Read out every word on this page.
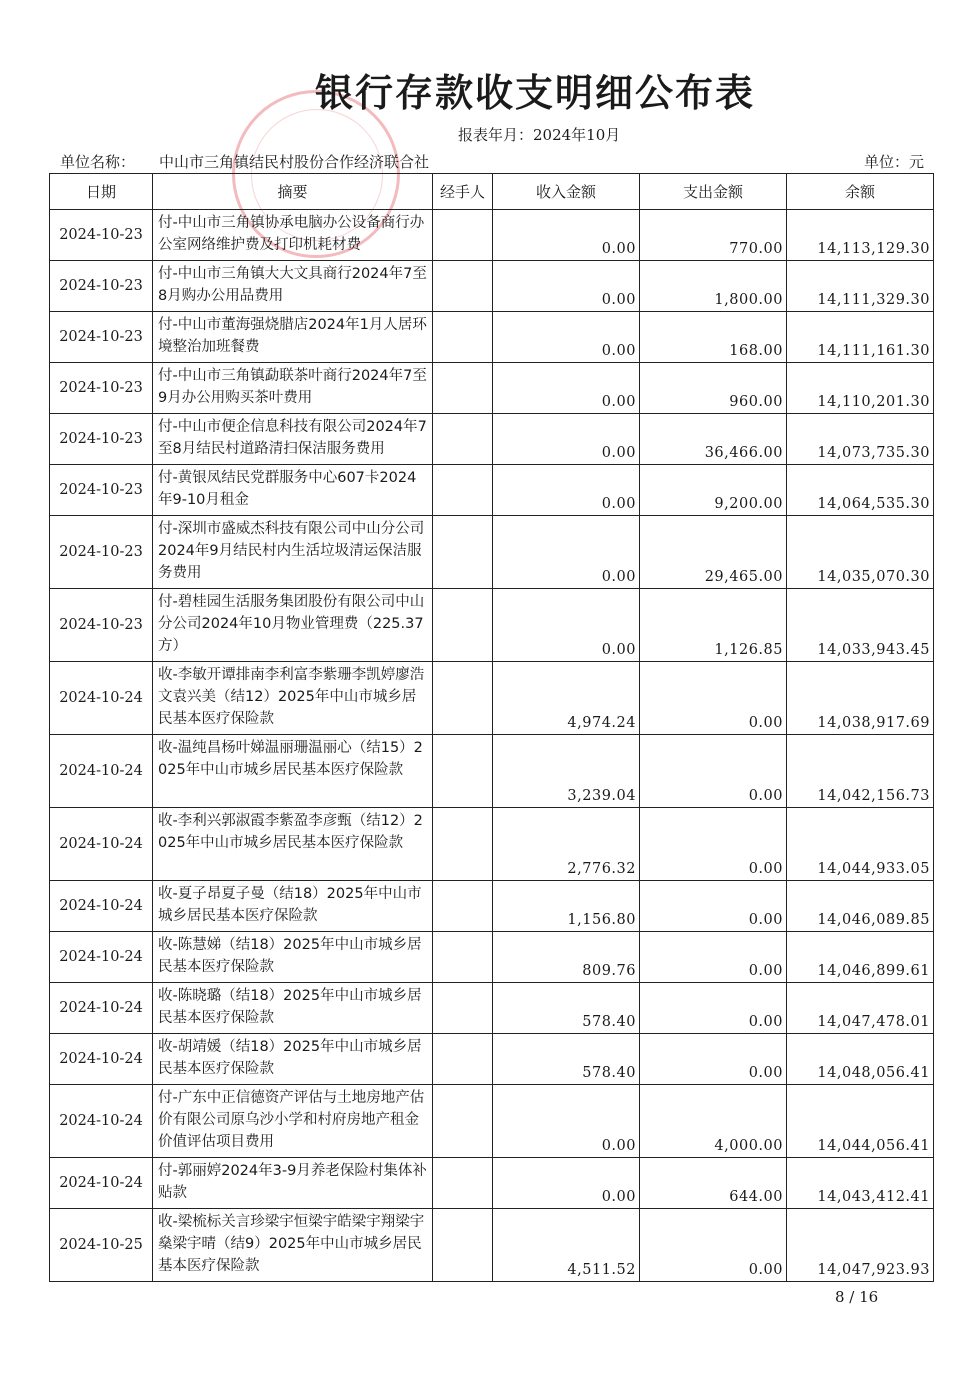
银行存款收支明细公布表
报表年月：2024年10月
单位名称： 中山市三角镇结民村股份合作经济联合社	单位：元
日期	摘要	经手人	收入金额	支出金额	余额
2024-10-23	付-中山市三角镇协承电脑办公设备商行办公室网络维护费及打印机耗材费		0.00	770.00	14,113,129.30
2024-10-23	付-中山市三角镇大大文具商行2024年7至8月购办公用品费用		0.00	1,800.00	14,111,329.30
2024-10-23	付-中山市董海强烧腊店2024年1月人居环境整治加班餐费		0.00	168.00	14,111,161.30
2024-10-23	付-中山市三角镇勐联茶叶商行2024年7至9月办公用购买茶叶费用		0.00	960.00	14,110,201.30
2024-10-23	付-中山市便企信息科技有限公司2024年7至8月结民村道路清扫保洁服务费用		0.00	36,466.00	14,073,735.30
2024-10-23	付-黄银凤结民党群服务中心607卡2024年9-10月租金		0.00	9,200.00	14,064,535.30
2024-10-23	付-深圳市盛威杰科技有限公司中山分公司2024年9月结民村内生活垃圾清运保洁服务费用		0.00	29,465.00	14,035,070.30
2024-10-23	付-碧桂园生活服务集团股份有限公司中山分公司2024年10月物业管理费（225.37方）		0.00	1,126.85	14,033,943.45
2024-10-24	收-李敏开谭排南李利富李紫珊李凯婷廖浩文袁兴美（结12）2025年中山市城乡居民基本医疗保险款		4,974.24	0.00	14,038,917.69
2024-10-24	收-温纯昌杨叶娣温丽珊温丽心（结15）2025年中山市城乡居民基本医疗保险款		3,239.04	0.00	14,042,156.73
2024-10-24	收-李利兴郭淑霞李紫盈李彦甄（结12）2025年中山市城乡居民基本医疗保险款		2,776.32	0.00	14,044,933.05
2024-10-24	收-夏子昂夏子曼（结18）2025年中山市城乡居民基本医疗保险款		1,156.80	0.00	14,046,089.85
2024-10-24	收-陈慧娣（结18）2025年中山市城乡居民基本医疗保险款		809.76	0.00	14,046,899.61
2024-10-24	收-陈晓璐（结18）2025年中山市城乡居民基本医疗保险款		578.40	0.00	14,047,478.01
2024-10-24	收-胡靖媛（结18）2025年中山市城乡居民基本医疗保险款		578.40	0.00	14,048,056.41
2024-10-24	付-广东中正信德资产评估与土地房地产估价有限公司原乌沙小学和村府房地产租金价值评估项目费用		0.00	4,000.00	14,044,056.41
2024-10-24	付-郭丽婷2024年3-9月养老保险村集体补贴款		0.00	644.00	14,043,412.41
2024-10-25	收-梁梳标关言珍梁宇恒梁宇皓梁宇翔梁宇燊梁宇晴（结9）2025年中山市城乡居民基本医疗保险款		4,511.52	0.00	14,047,923.93
8 / 16
